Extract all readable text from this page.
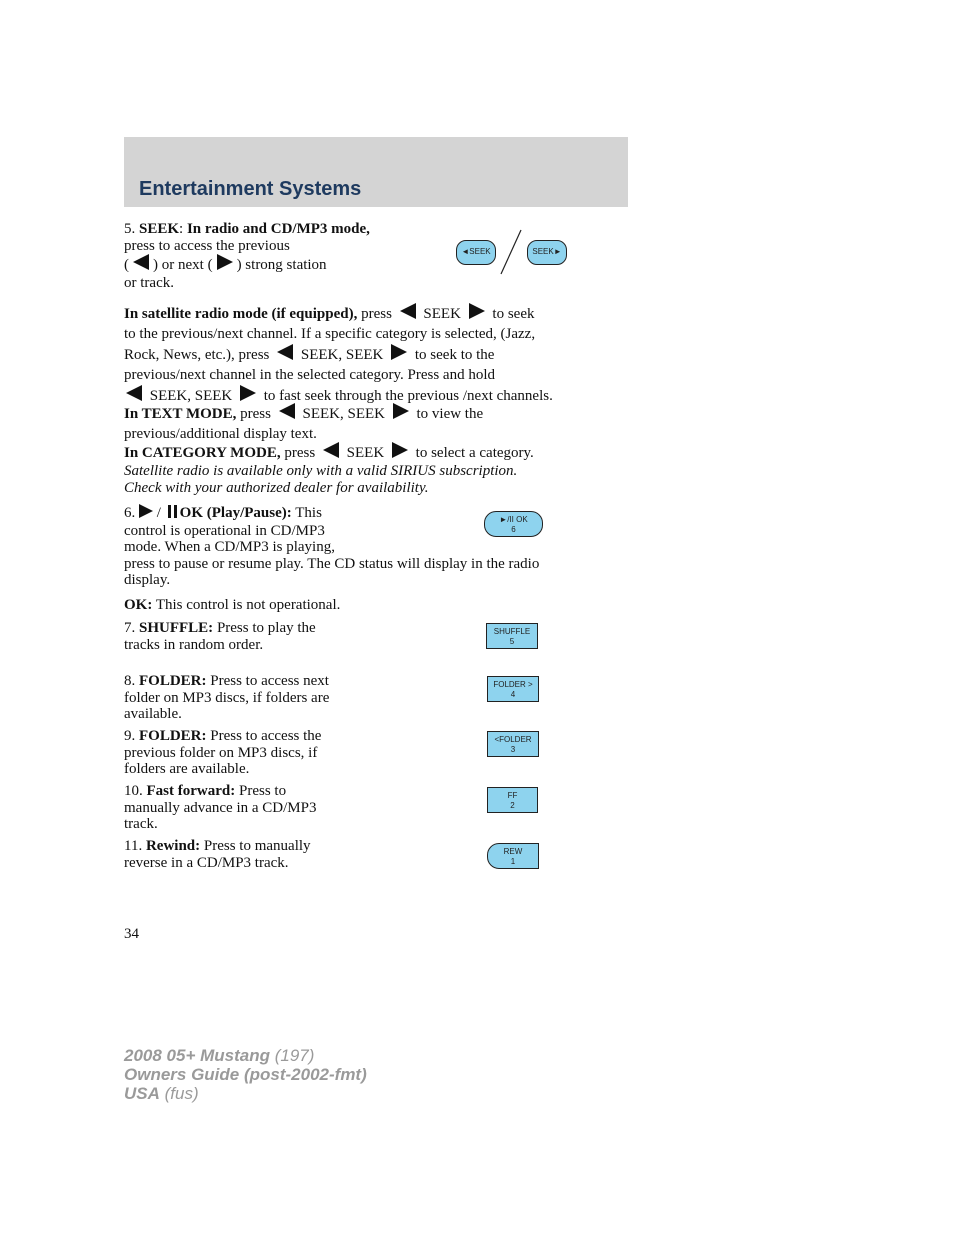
Entertainment Systems
5. SEEK: In radio and CD/MP3 mode, press to access the previous
( ) or next ( ) strong station
or track.
◄SEEK	SEEK►
In satellite radio mode (if equipped), press SEEK to seek
to the previous/next channel. If a specific category is selected, (Jazz,
Rock, News, etc.), press SEEK, SEEK to seek to the
previous/next channel in the selected category. Press and hold
SEEK, SEEK to fast seek through the previous /next channels.
In TEXT MODE, press SEEK, SEEK to view the
previous/additional display text.
In CATEGORY MODE, press SEEK to select a category.
Satellite radio is available only with a valid SIRIUS subscription.
Check with your authorized dealer for availability.
6. / OK (Play/Pause): This
control is operational in CD/MP3
mode. When a CD/MP3 is playing,
press to pause or resume play. The CD status will display in the radio
display.
►/II OK
6
OK: This control is not operational.
7. SHUFFLE: Press to play the
tracks in random order.
SHUFFLE
5
8. FOLDER: Press to access next
folder on MP3 discs, if folders are
available.
FOLDER >
4
9. FOLDER: Press to access the
previous folder on MP3 discs, if
folders are available.
<FOLDER
3
10. Fast forward: Press to
manually advance in a CD/MP3
track.
FF
2
11. Rewind: Press to manually
reverse in a CD/MP3 track.
REW
1
34
2008 05+ Mustang (197)
Owners Guide (post-2002-fmt)
USA (fus)
